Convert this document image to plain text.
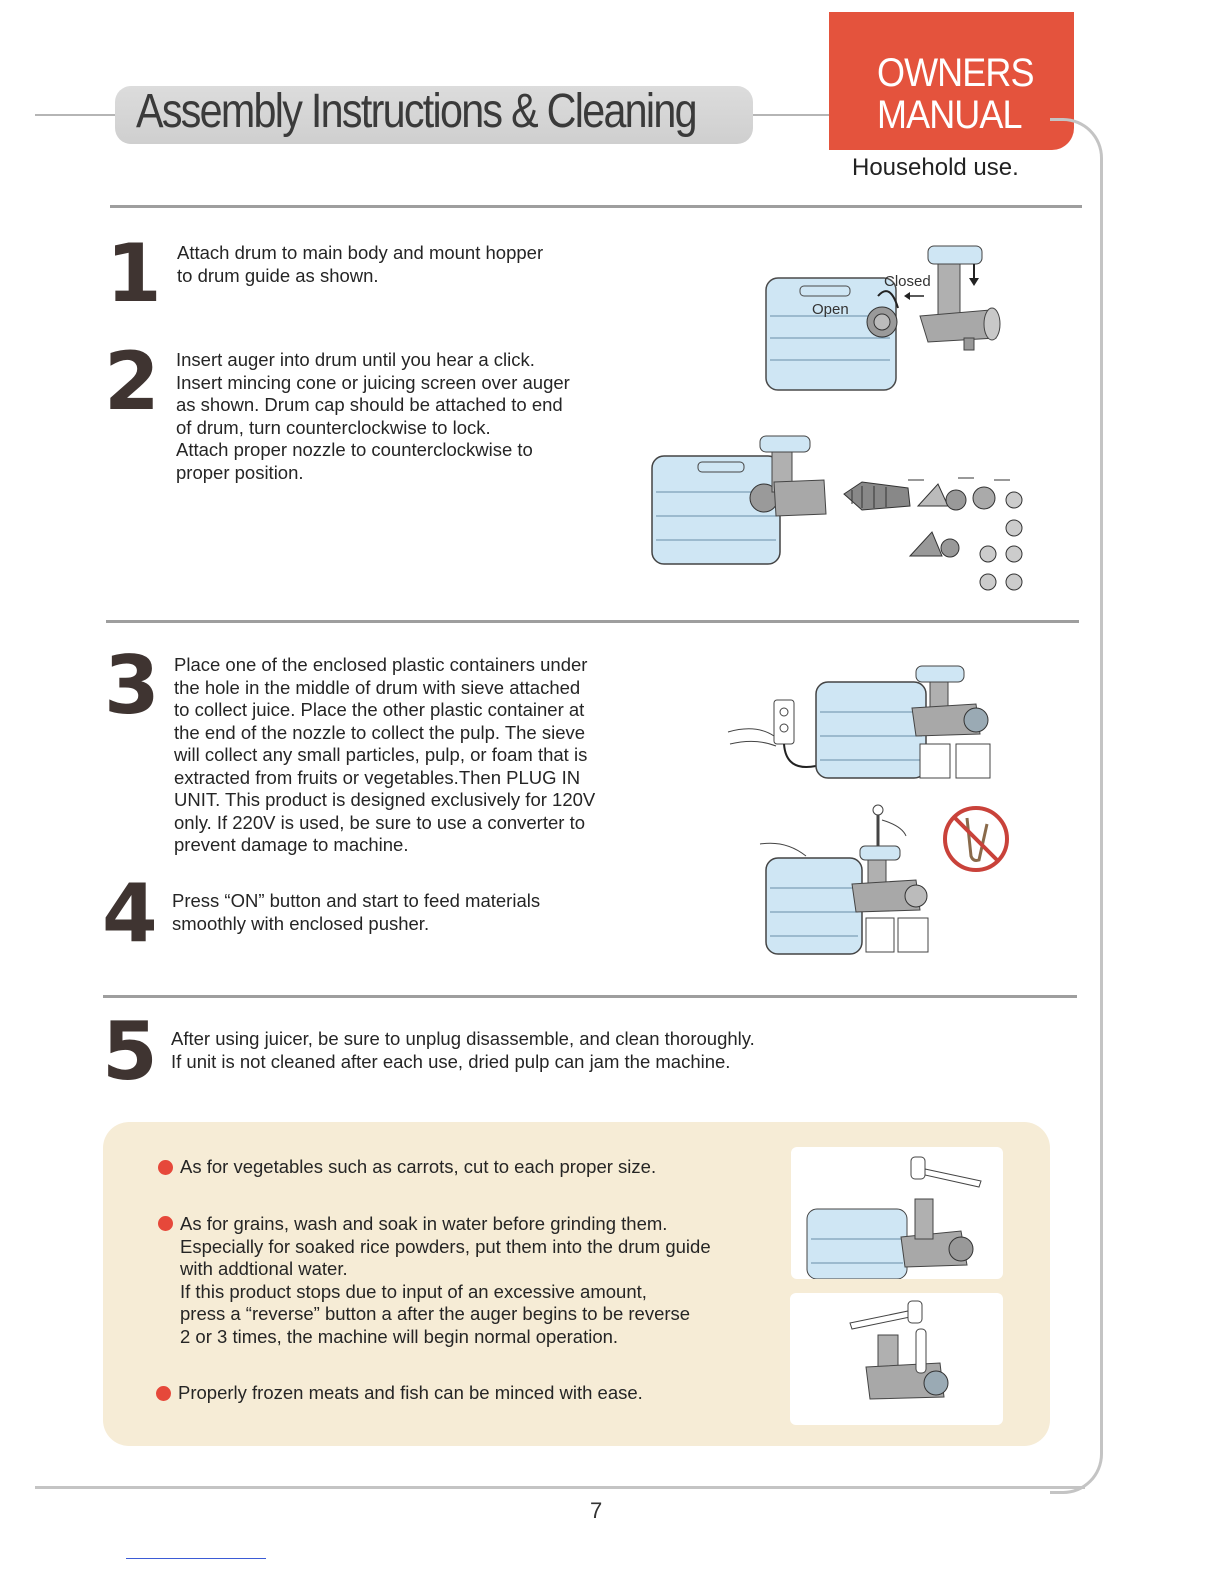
Assembly Instructions & Cleaning
OWNERS
MANUAL
Household use.
1 Attach drum to main body and mount hopper
to drum guide as shown.
2 Insert auger into drum until you hear a click.
Insert mincing cone or juicing screen over auger
as shown. Drum cap should be attached to end
of drum, turn counterclockwise to lock.
Attach proper nozzle to counterclockwise to
proper position.
3 Place one of the enclosed plastic containers under
the hole in the middle of drum with sieve attached
to collect juice. Place the other plastic container at
the end of the nozzle to collect the pulp. The sieve
will collect any small particles, pulp, or foam that is
extracted from fruits or vegetables.Then PLUG IN
UNIT. This product is designed exclusively for 120V
only. If 220V is used, be sure to use a converter to
prevent damage to machine.
4 Press “ON” button and start to feed materials
smoothly with enclosed pusher.
5 After using juicer, be sure to unplug disassemble, and clean thoroughly.
If unit is not cleaned after each use, dried pulp can jam the machine.
Closed
Open
As for vegetables such as carrots, cut to each proper size.
As for grains, wash and soak in water before grinding them.
Especially for soaked rice powders, put them into the drum guide
with addtional water.
If this product stops due to input of an excessive amount,
press a “reverse” button a after the auger begins to be reverse
2 or 3 times, the machine will begin normal operation.
Properly frozen meats and fish can be minced with ease.
7
